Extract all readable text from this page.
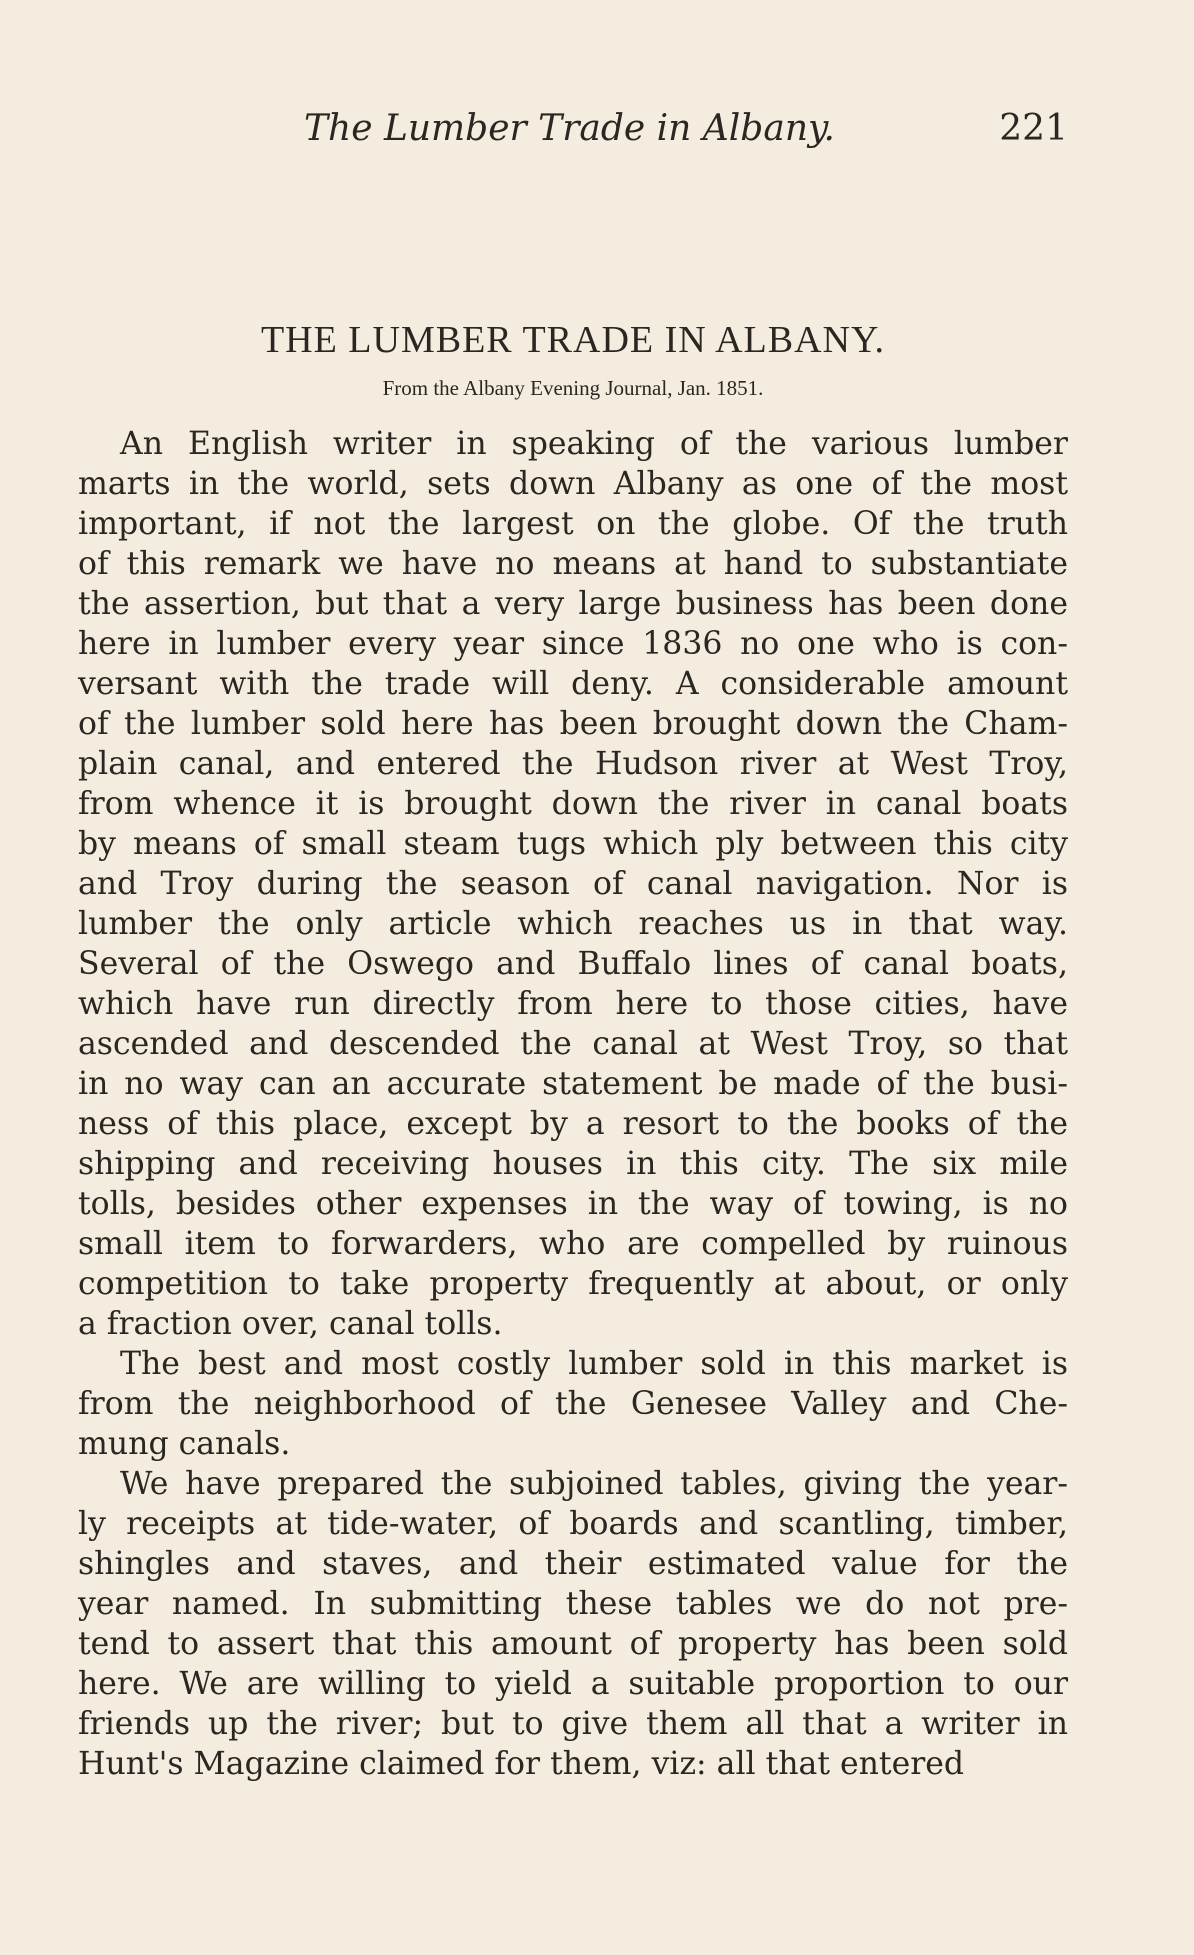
The Lumber Trade in Albany.	221
THE LUMBER TRADE IN ALBANY.
From the Albany Evening Journal, Jan. 1851.

An English writer in speaking of the various lumber
marts in the world, sets down Albany as one of the most
important, if not the largest on the globe. Of the truth
of this remark we have no means at hand to substantiate
the assertion, but that a very large business has been done
here in lumber every year since 1836 no one who is con-
versant with the trade will deny. A considerable amount
of the lumber sold here has been brought down the Cham-
plain canal, and entered the Hudson river at West Troy,
from whence it is brought down the river in canal boats
by means of small steam tugs which ply between this city
and Troy during the season of canal navigation. Nor is
lumber the only article which reaches us in that way.
Several of the Oswego and Buffalo lines of canal boats,
which have run directly from here to those cities, have
ascended and descended the canal at West Troy, so that
in no way can an accurate statement be made of the busi-
ness of this place, except by a resort to the books of the
shipping and receiving houses in this city. The six mile
tolls, besides other expenses in the way of towing, is no
small item to forwarders, who are compelled by ruinous
competition to take property frequently at about, or only
a fraction over, canal tolls.

The best and most costly lumber sold in this market is
from the neighborhood of the Genesee Valley and Che-
mung canals.

We have prepared the subjoined tables, giving the year-
ly receipts at tide-water, of boards and scantling, timber,
shingles and staves, and their estimated value for the
year named. In submitting these tables we do not pre-
tend to assert that this amount of property has been sold
here. We are willing to yield a suitable proportion to our
friends up the river; but to give them all that a writer in
Hunt's Magazine claimed for them, viz: all that entered
